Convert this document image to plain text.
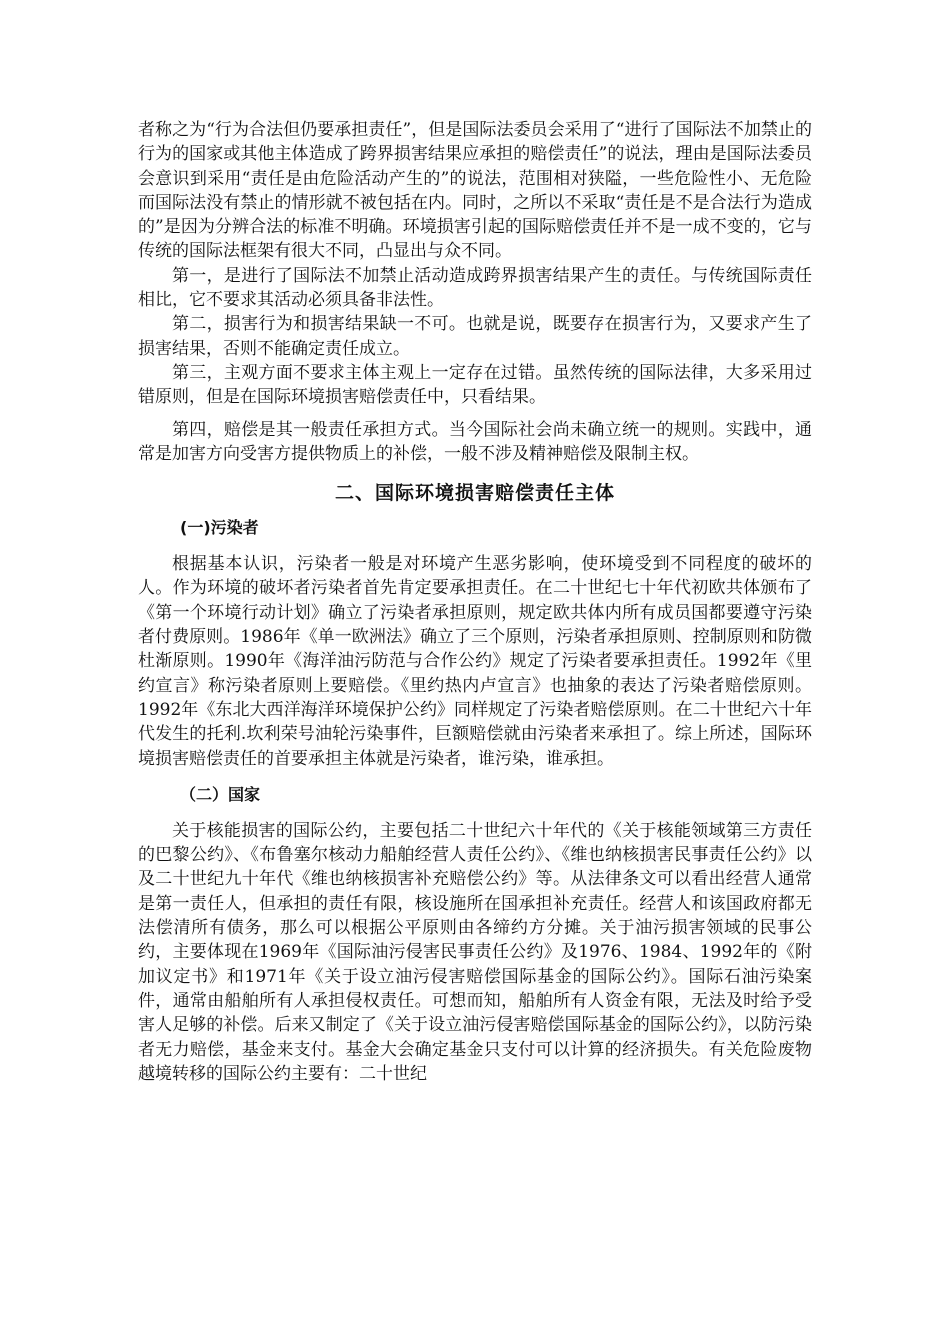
者称之为“行为合法但仍要承担责任”，但是国际法委员会采用了“进行了国际法不加禁止的行为的国家或其他主体造成了跨界损害结果应承担的赔偿责任”的说法，理由是国际法委员会意识到采用“责任是由危险活动产生的”的说法，范围相对狭隘，一些危险性小、无危险而国际法没有禁止的情形就不被包括在内。同时，之所以不采取“责任是不是合法行为造成的”是因为分辨合法的标准不明确。环境损害引起的国际赔偿责任并不是一成不变的，它与传统的国际法框架有很大不同，凸显出与众不同。

第一，是进行了国际法不加禁止活动造成跨界损害结果产生的责任。与传统国际责任相比，它不要求其活动必须具备非法性。

第二，损害行为和损害结果缺一不可。也就是说，既要存在损害行为，又要求产生了损害结果，否则不能确定责任成立。

第三，主观方面不要求主体主观上一定存在过错。虽然传统的国际法律，大多采用过错原则，但是在国际环境损害赔偿责任中，只看结果。

第四，赔偿是其一般责任承担方式。当今国际社会尚未确立统一的规则。实践中，通常是加害方向受害方提供物质上的补偿，一般不涉及精神赔偿及限制主权。

二、国际环境损害赔偿责任主体
(一)污染者

根据基本认识，污染者一般是对环境产生恶劣影响，使环境受到不同程度的破坏的人。作为环境的破坏者污染者首先肯定要承担责任。在二十世纪七十年代初欧共体颁布了《第一个环境行动计划》确立了污染者承担原则，规定欧共体内所有成员国都要遵守污染者付费原则。1986年《单一欧洲法》确立了三个原则，污染者承担原则、控制原则和防微杜渐原则。1990年《海洋油污防范与合作公约》规定了污染者要承担责任。1992年《里约宣言》称污染者原则上要赔偿。《里约热内卢宣言》也抽象的表达了污染者赔偿原则。1992年《东北大西洋海洋环境保护公约》同样规定了污染者赔偿原则。在二十世纪六十年代发生的托利.坎利荣号油轮污染事件，巨额赔偿就由污染者来承担了。综上所述，国际环境损害赔偿责任的首要承担主体就是污染者，谁污染，谁承担。

（二）国家

关于核能损害的国际公约，主要包括二十世纪六十年代的《关于核能领域第三方责任的巴黎公约》、《布鲁塞尔核动力船舶经营人责任公约》、《维也纳核损害民事责任公约》以及二十世纪九十年代《维也纳核损害补充赔偿公约》等。从法律条文可以看出经营人通常是第一责任人，但承担的责任有限，核设施所在国承担补充责任。经营人和该国政府都无法偿清所有债务，那么可以根据公平原则由各缔约方分摊。关于油污损害领域的民事公约，主要体现在1969年《国际油污侵害民事责任公约》及1976、1984、1992年的《附加议定书》和1971年《关于设立油污侵害赔偿国际基金的国际公约》。国际石油污染案件，通常由船舶所有人承担侵权责任。可想而知，船舶所有人资金有限，无法及时给予受害人足够的补偿。后来又制定了《关于设立油污侵害赔偿国际基金的国际公约》，以防污染者无力赔偿，基金来支付。基金大会确定基金只支付可以计算的经济损失。有关危险废物越境转移的国际公约主要有：二十世纪
